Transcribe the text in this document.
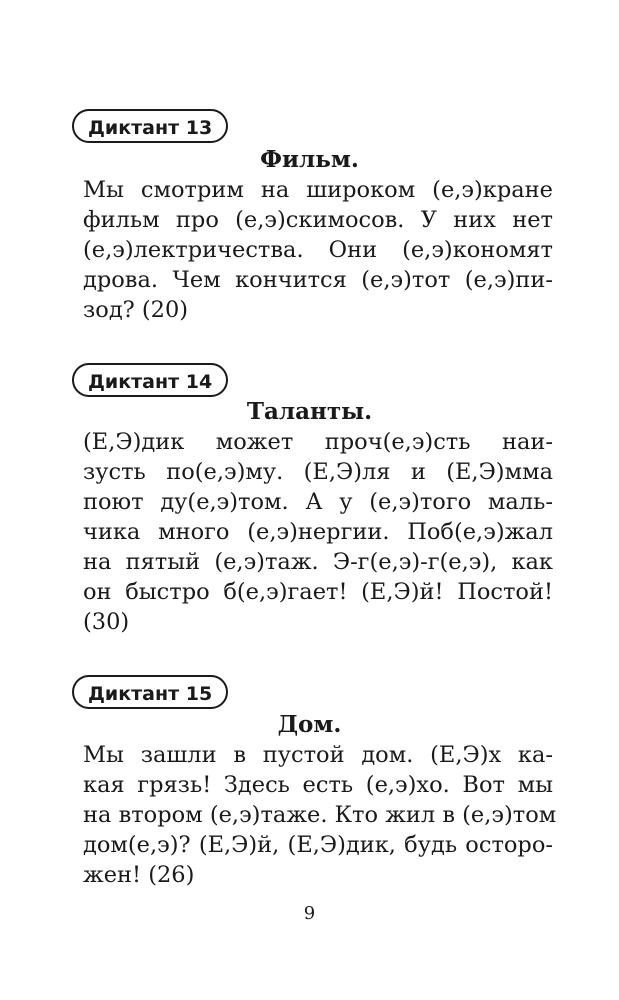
Диктант 13
Фильм.
Мы смотрим на широком (е,э)кране
фильм про (е,э)скимосов. У них нет
(е,э)лектричества. Они (е,э)кономят
дрова. Чем кончится (е,э)тот (е,э)пи-
зод? (20)
Диктант 14
Таланты.
(Е,Э)дик может проч(е,э)сть наи-
зусть по(е,э)му. (Е,Э)ля и (Е,Э)мма
поют ду(е,э)том. А у (е,э)того маль-
чика много (е,э)нергии. Поб(е,э)жал
на пятый (е,э)таж. Э-г(е,э)-г(е,э), как
он быстро б(е,э)гает! (Е,Э)й! Постой!
(30)
Диктант 15
Дом.
Мы зашли в пустой дом. (Е,Э)х ка-
кая грязь! Здесь есть (е,э)хо. Вот мы
на втором (е,э)таже. Кто жил в (е,э)том
дом(е,э)? (Е,Э)й, (Е,Э)дик, будь осторо-
жен! (26)
9
